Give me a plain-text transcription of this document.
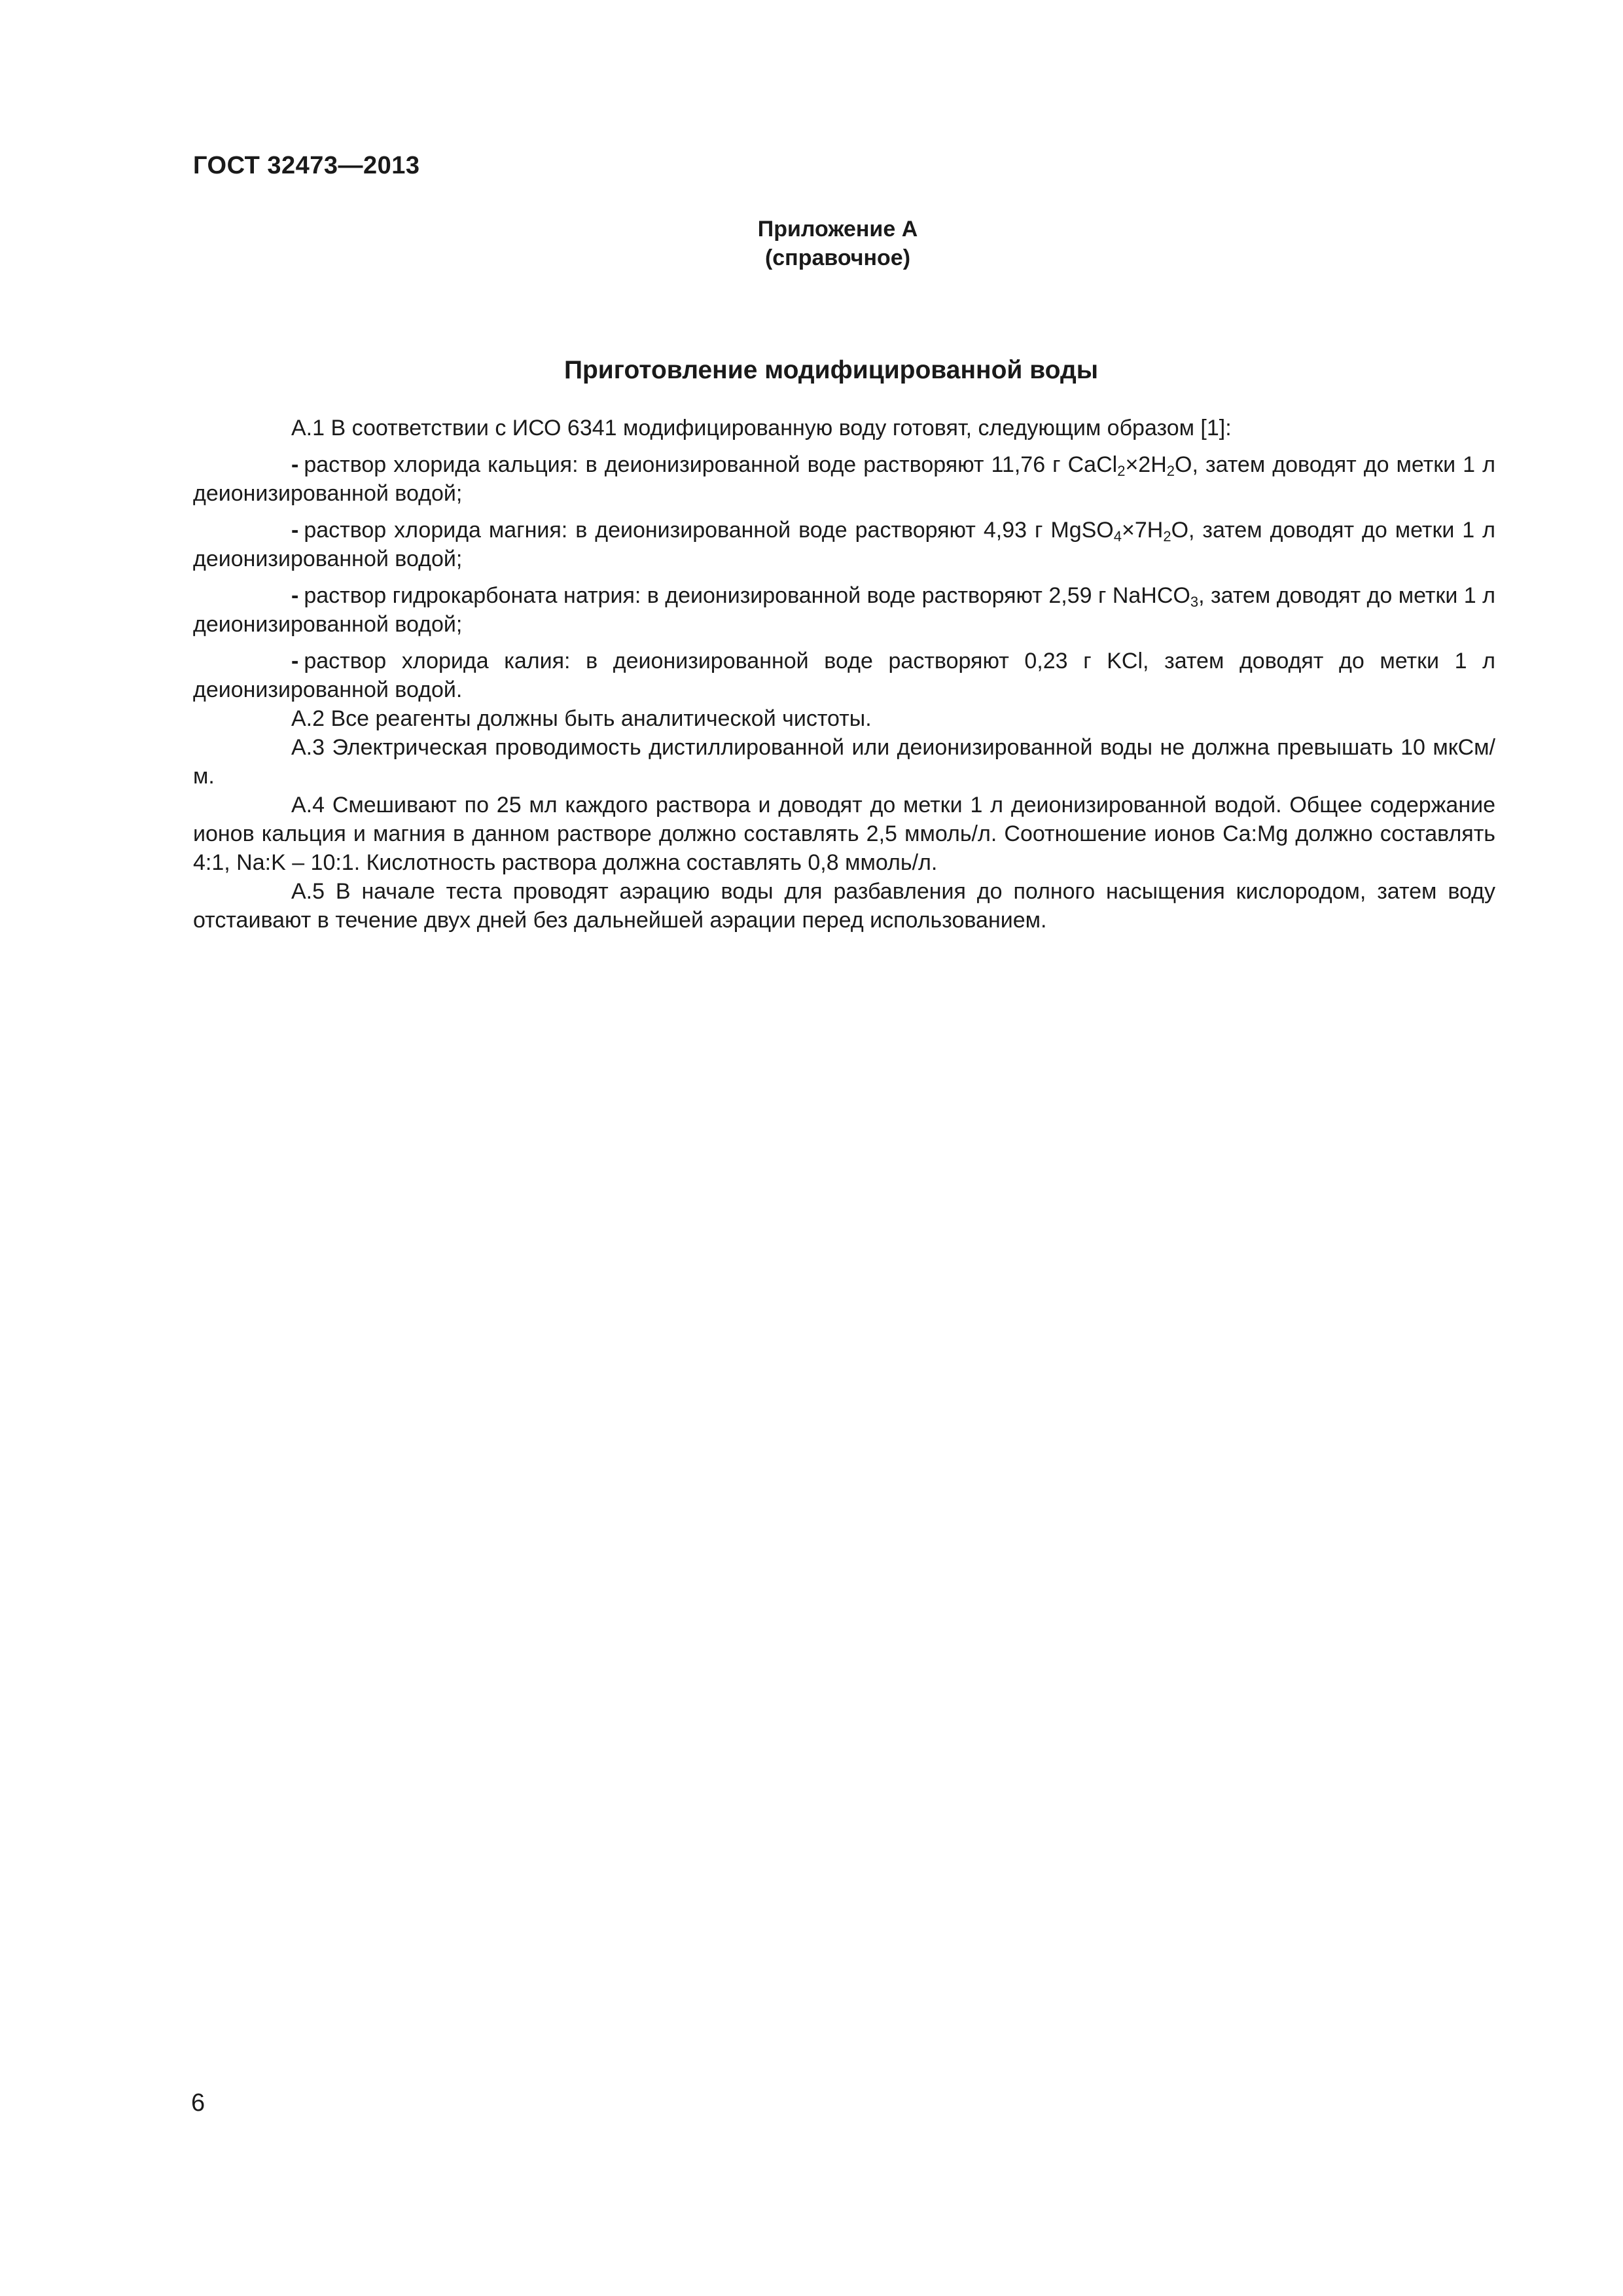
ГОСТ 32473—2013

Приложение А
(справочное)
Приготовление модифицированной воды

А.1 В соответствии с ИСО 6341 модифицированную воду готовят, следующим образом [1]:

- раствор хлорида кальция: в деионизированной воде растворяют 11,76 г $CaCl_2\times 2H_2O$, затем доводят до метки 1 л деионизированной водой;

- раствор хлорида магния: в деионизированной воде растворяют 4,93 г $MgSO_4\times 7H_2O$, затем доводят до метки 1 л деионизированной водой;

- раствор гидрокарбоната натрия: в деионизированной воде растворяют 2,59 г NaHCO$_3$, затем доводят до метки 1 л деионизированной водой;

- раствор хлорида калия: в деионизированной воде растворяют 0,23 г KCl, затем доводят до метки 1 л деионизированной водой.

А.2 Все реагенты должны быть аналитической чистоты.

А.3 Электрическая проводимость дистиллированной или деионизированной воды не должна превышать 10 мкСм/м.

А.4 Смешивают по 25 мл каждого раствора и доводят до метки 1 л деионизированной водой. Общее содержание ионов кальция и магния в данном растворе должно составлять 2,5 ммоль/л. Соотношение ионов Ca:Mg должно составлять 4:1, Na:K – 10:1. Кислотность раствора должна составлять 0,8 ммоль/л.

А.5 В начале теста проводят аэрацию воды для разбавления до полного насыщения кислородом, затем воду отстаивают в течение двух дней без дальнейшей аэрации перед использованием.

6
